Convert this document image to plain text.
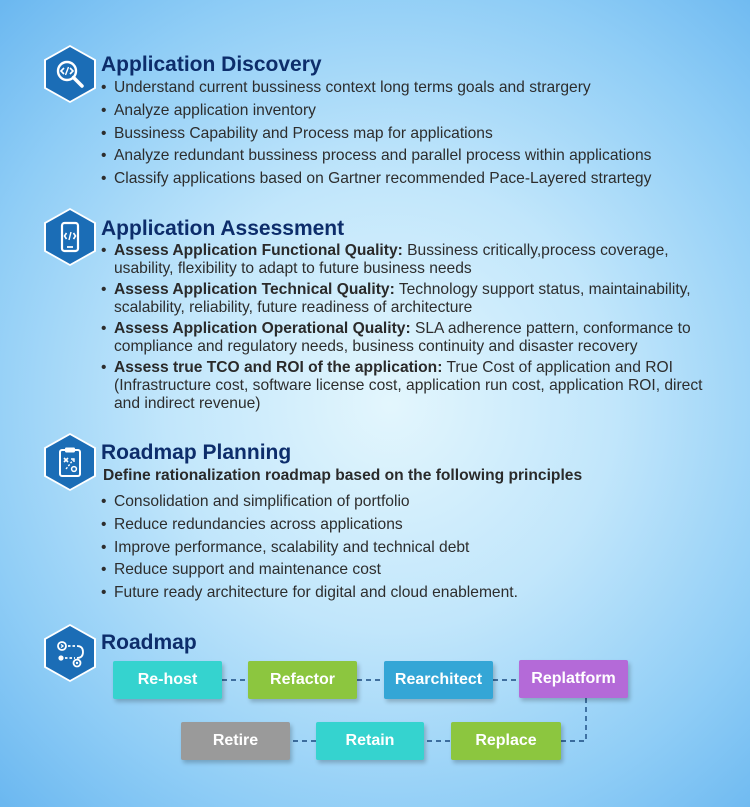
Application Discovery
• Understand current bussiness context long terms goals and strargery
• Analyze application inventory
• Bussiness Capability and Process map for applications
• Analyze redundant bussiness process and parallel process within applications
• Classify applications based on Gartner recommended Pace-Layered strartegy
Application Assessment
• Assess Application Functional Quality: Bussiness critically,process coverage, usability, flexibility to adapt to future business needs
• Assess Application Technical Quality: Technology support status, maintainability, scalability, reliability, future readiness of architecture
• Assess Application Operational Quality: SLA adherence pattern, conformance to compliance and regulatory needs, business continuity and disaster recovery
• Assess true TCO and ROI of the application: True Cost of application and ROI (Infrastructure cost, software license cost, application run cost, application ROI, direct and indirect revenue)
Roadmap Planning
Define rationalization roadmap based on the following principles
• Consolidation and simplification of portfolio
• Reduce redundancies across applications
• Improve performance, scalability and technical debt
• Reduce support and maintenance cost
• Future ready architecture for digital and cloud enablement.
Roadmap
Re-host	Refactor	Rearchitect	Replatform
Replace
Retain
Retire
